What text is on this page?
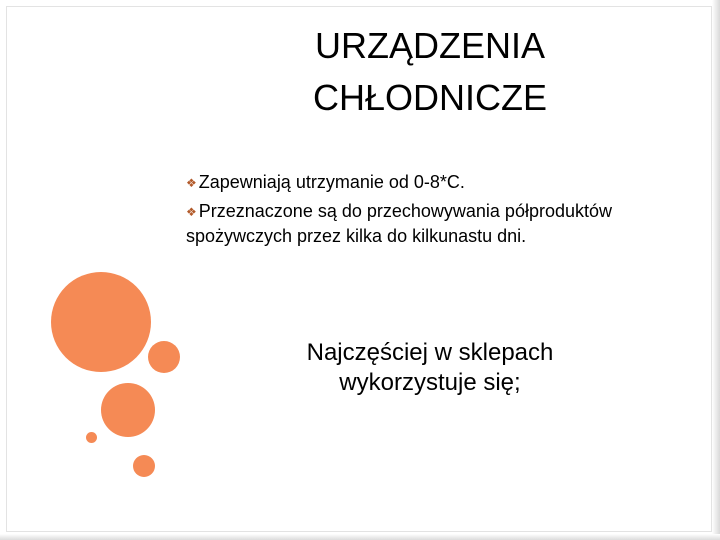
URZĄDZENIA
CHŁODNICZE
❖ Zapewniają utrzymanie od 0-8*C.
❖ Przeznaczone są do przechowywania półproduktów spożywczych przez kilka do kilkunastu dni.
Najczęściej w sklepach
wykorzystuje się;
